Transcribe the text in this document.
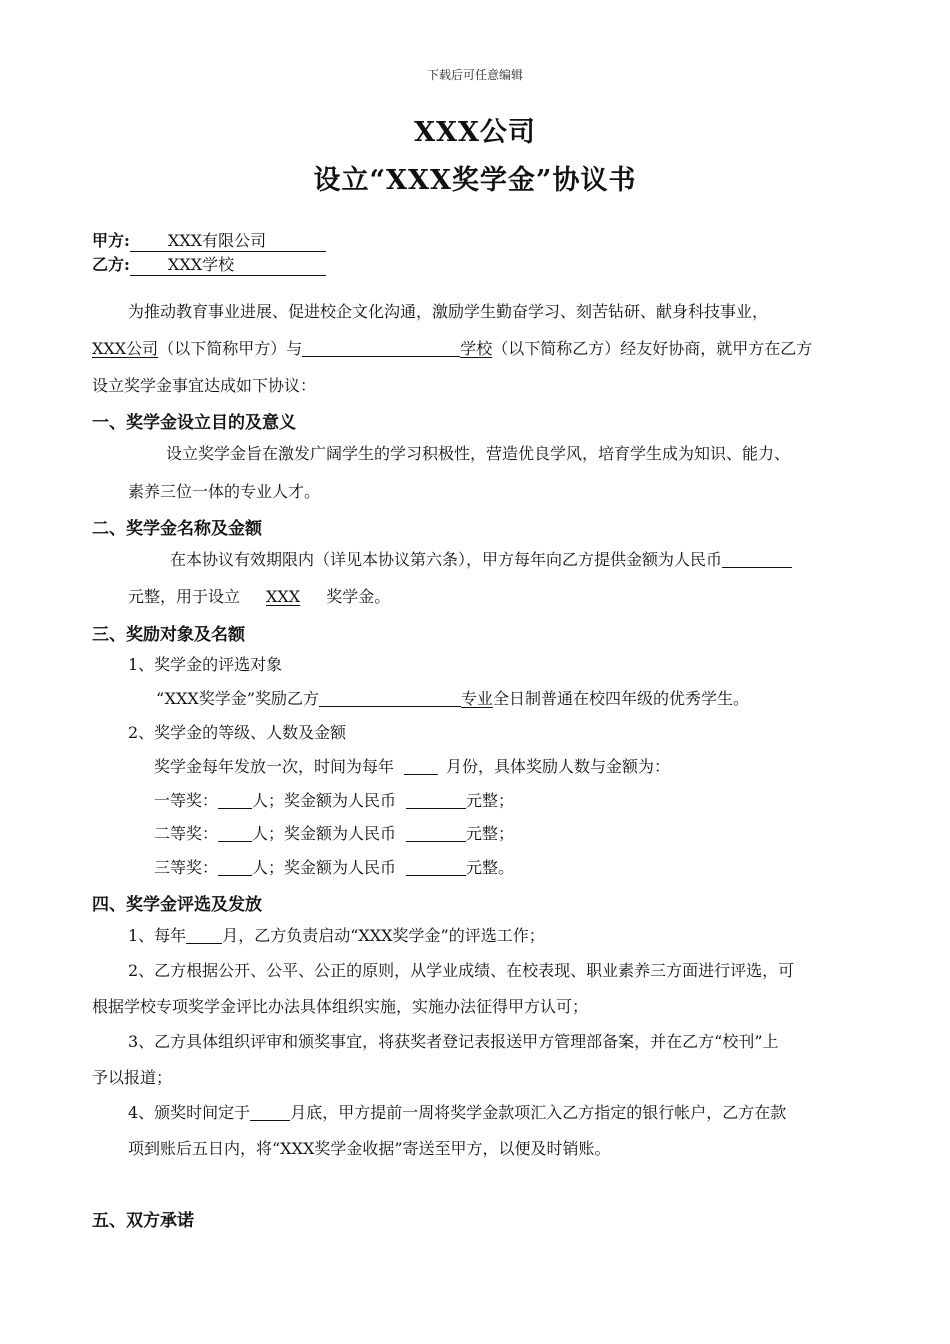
下载后可任意编辑
XXX公司
设立“XXX奖学金”协议书
甲方: XXX有限公司
乙方: XXX学校
为推动教育事业进展、促进校企文化沟通，激励学生勤奋学习、刻苦钻研、献身科技事业，
XXX公司（以下简称甲方）与	学校（以下简称乙方）经友好协商，就甲方在乙方
设立奖学金事宜达成如下协议：
一、奖学金设立目的及意义
设立奖学金旨在激发广阔学生的学习积极性，营造优良学风，培育学生成为知识、能力、
素养三位一体的专业人才。
二、奖学金名称及金额
在本协议有效期限内（详见本协议第六条），甲方每年向乙方提供金额为人民币
元整，用于设立 XXX 奖学金。
三、奖励对象及名额
1、奖学金的评选对象
“XXX奖学金”奖励乙方	专业全日制普通在校四年级的优秀学生。
2、奖学金的等级、人数及金额
奖学金每年发放一次，时间为每年	月份，具体奖励人数与金额为：
一等奖： 人；奖金额为人民币	元整；
二等奖： 人；奖金额为人民币	元整；
三等奖： 人；奖金额为人民币	元整。
四、奖学金评选及发放
1、每年 月，乙方负责启动“XXX奖学金”的评选工作；
2、乙方根据公开、公平、公正的原则，从学业成绩、在校表现、职业素养三方面进行评选，可
根据学校专项奖学金评比办法具体组织实施，实施办法征得甲方认可；
3、乙方具体组织评审和颁奖事宜，将获奖者登记表报送甲方管理部备案，并在乙方“校刊”上
予以报道；
4、颁奖时间定于	月底，甲方提前一周将奖学金款项汇入乙方指定的银行帐户，乙方在款
项到账后五日内，将“XXX奖学金收据”寄送至甲方，以便及时销账。
五、双方承诺
